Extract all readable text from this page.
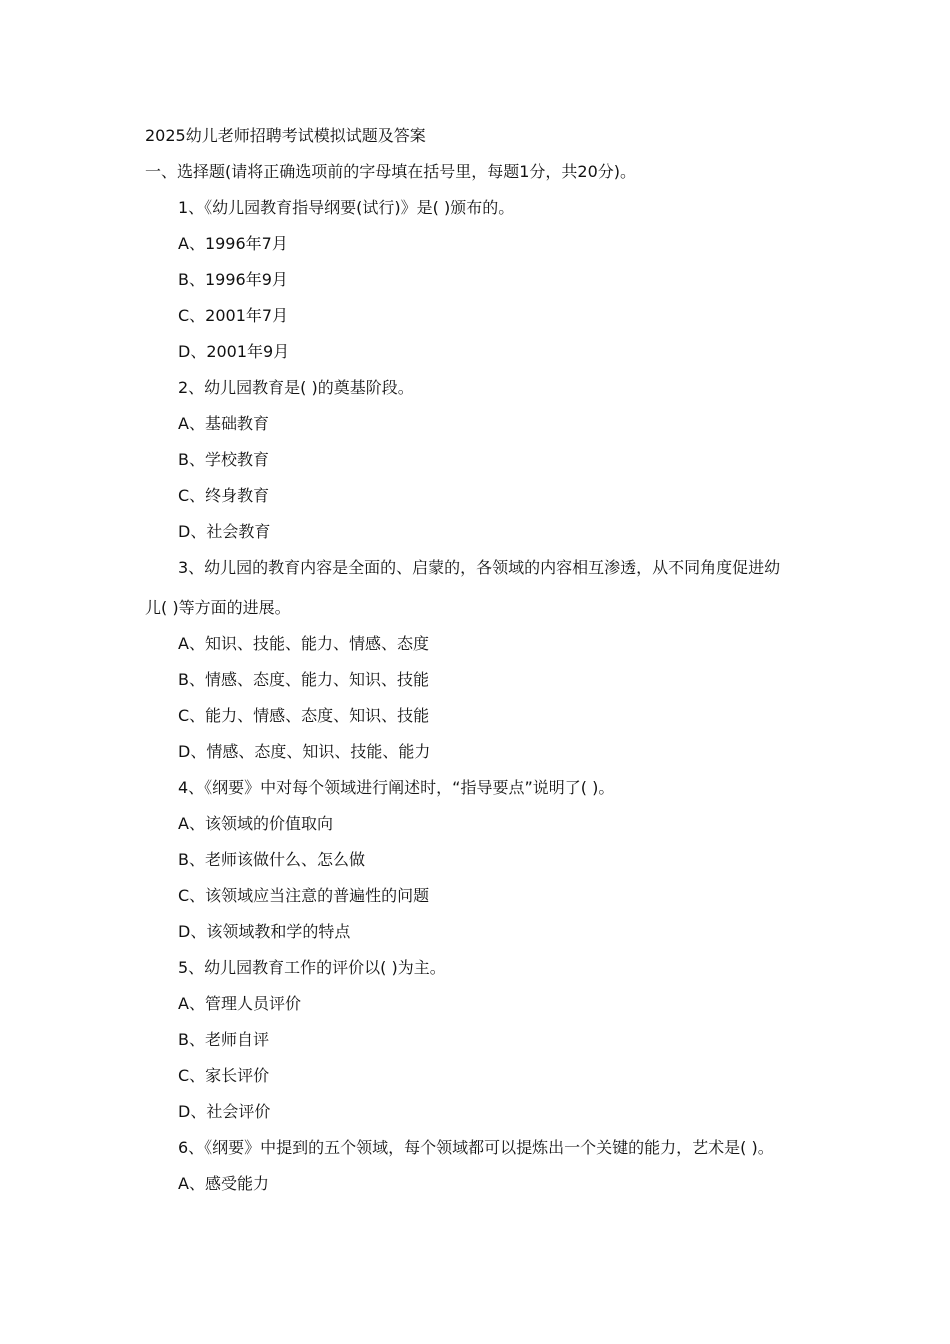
2025幼儿老师招聘考试模拟试题及答案
一、选择题(请将正确选项前的字母填在括号里，每题1分，共20分)。
1、《幼儿园教育指导纲要(试行)》是( )颁布的。
A、1996年7月
B、1996年9月
C、2001年7月
D、2001年9月
2、幼儿园教育是( )的奠基阶段。
A、基础教育
B、学校教育
C、终身教育
D、社会教育
3、幼儿园的教育内容是全面的、启蒙的，各领域的内容相互渗透，从不同角度促进幼
儿( )等方面的进展。
A、知识、技能、能力、情感、态度
B、情感、态度、能力、知识、技能
C、能力、情感、态度、知识、技能
D、情感、态度、知识、技能、能力
4、《纲要》中对每个领域进行阐述时，“指导要点”说明了( )。
A、该领域的价值取向
B、老师该做什么、怎么做
C、该领域应当注意的普遍性的问题
D、该领域教和学的特点
5、幼儿园教育工作的评价以( )为主。
A、管理人员评价
B、老师自评
C、家长评价
D、社会评价
6、《纲要》中提到的五个领域，每个领域都可以提炼出一个关键的能力，艺术是( )。
A、感受能力
